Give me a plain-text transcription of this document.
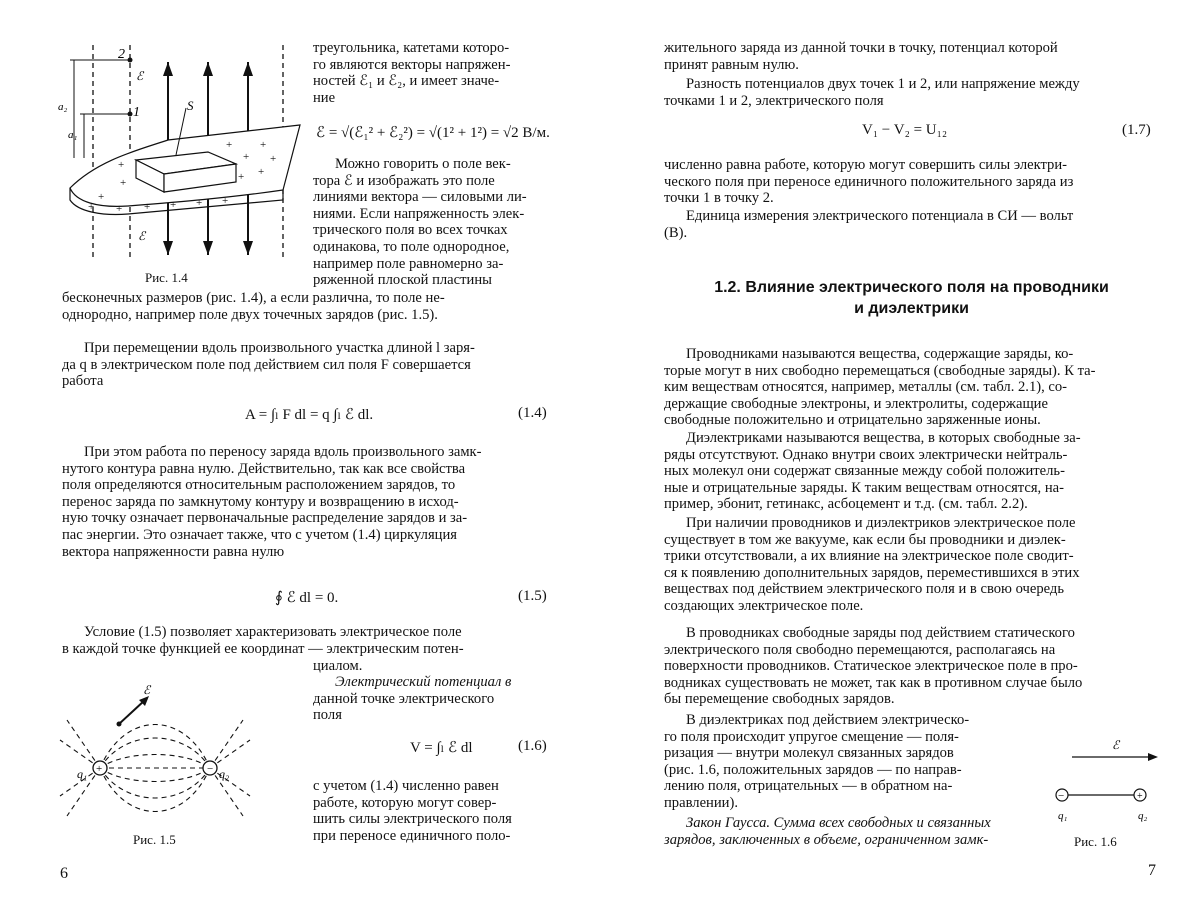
+
+
+
+
+
+
+ +
+
+ + + + + +
S
2
1
ℰ
ℰ
a₂
a₁
Рис. 1.4
треугольника, катетами которо-
го являются векторы напряжен-
ностей ℰ₁ и ℰ₂, и имеет значе-
ние
ℰ = √(ℰ₁² + ℰ₂²) = √(1² + 1²) = √2 В/м.
Можно говорить о поле век-
тора ℰ и изображать это поле
линиями вектора — силовыми ли-
ниями. Если напряженность элек-
трического поля во всех точках
одинакова, то поле однородное,
например поле равномерно за-
ряженной плоской пластины
бесконечных размеров (рис. 1.4), а если различна, то поле не-
однородно, например поле двух точечных зарядов (рис. 1.5).
При перемещении вдоль произвольного участка длиной l заря-
да q в электрическом поле под действием сил поля F совершается
работа
A = ∫ₗ F dl = q ∫ₗ ℰ dl.	(1.4)
При этом работа по переносу заряда вдоль произвольного замк-
нутого контура равна нулю. Действительно, так как все свойства
поля определяются относительным расположением зарядов, то
перенос заряда по замкнутому контуру и возвращению в исход-
ную точку означает первоначальные распределение зарядов и за-
пас энергии. Это означает также, что с учетом (1.4) циркуляция
вектора напряженности равна нулю
∮ ℰ dl = 0.	(1.5)
Условие (1.5) позволяет характеризовать электрическое поле
в каждой точке функцией ее координат — электрическим потен-
циалом.
Электрический потенциал в
данной точке электрического
поля
V = ∫ₗ ℰ dl	(1.6)
с учетом (1.4) численно равен
работе, которую могут совер-
шить силы электрического поля
при переносе единичного поло-
ℰ
+	−
q₁	q₂
Рис. 1.5
6
жительного заряда из данной точки в точку, потенциал которой
принят равным нулю.
Разность потенциалов двух точек 1 и 2, или напряжение между
точками 1 и 2, электрического поля
V₁ − V₂ = U₁₂	(1.7)
численно равна работе, которую могут совершить силы электри-
ческого поля при переносе единичного положительного заряда из
точки 1 в точку 2.
Единица измерения электрического потенциала в СИ — вольт
(В).
1.2. Влияние электрического поля на проводники
и диэлектрики
Проводниками называются вещества, содержащие заряды, ко-
торые могут в них свободно перемещаться (свободные заряды). К та-
ким веществам относятся, например, металлы (см. табл. 2.1), со-
держащие свободные электроны, и электролиты, содержащие
свободные положительно и отрицательно заряженные ионы.
Диэлектриками называются вещества, в которых свободные за-
ряды отсутствуют. Однако внутри своих электрически нейтраль-
ных молекул они содержат связанные между собой положитель-
ные и отрицательные заряды. К таким веществам относятся, на-
пример, эбонит, гетинакс, асбоцемент и т.д. (см. табл. 2.2).
При наличии проводников и диэлектриков электрическое поле
существует в том же вакууме, как если бы проводники и диэлек-
трики отсутствовали, а их влияние на электрическое поле сводит-
ся к появлению дополнительных зарядов, переместившихся в этих
веществах под действием электрического поля и в свою очередь
создающих электрическое поле.
В проводниках свободные заряды под действием статического
электрического поля свободно перемещаются, располагаясь на
поверхности проводников. Статическое электрическое поле в про-
водниках существовать не может, так как в противном случае было
бы перемещение свободных зарядов.
В диэлектриках под действием электрическо-
го поля происходит упругое смещение — поля-
ризация — внутри молекул связанных зарядов
(рис. 1.6, положительных зарядов — по направ-
лению поля, отрицательных — в обратном на-
правлении).
Закон Гаусса. Сумма всех свободных и связанных
зарядов, заключенных в объеме, ограниченном замк-
ℰ
−	+
q₁	q₂
Рис. 1.6
7
